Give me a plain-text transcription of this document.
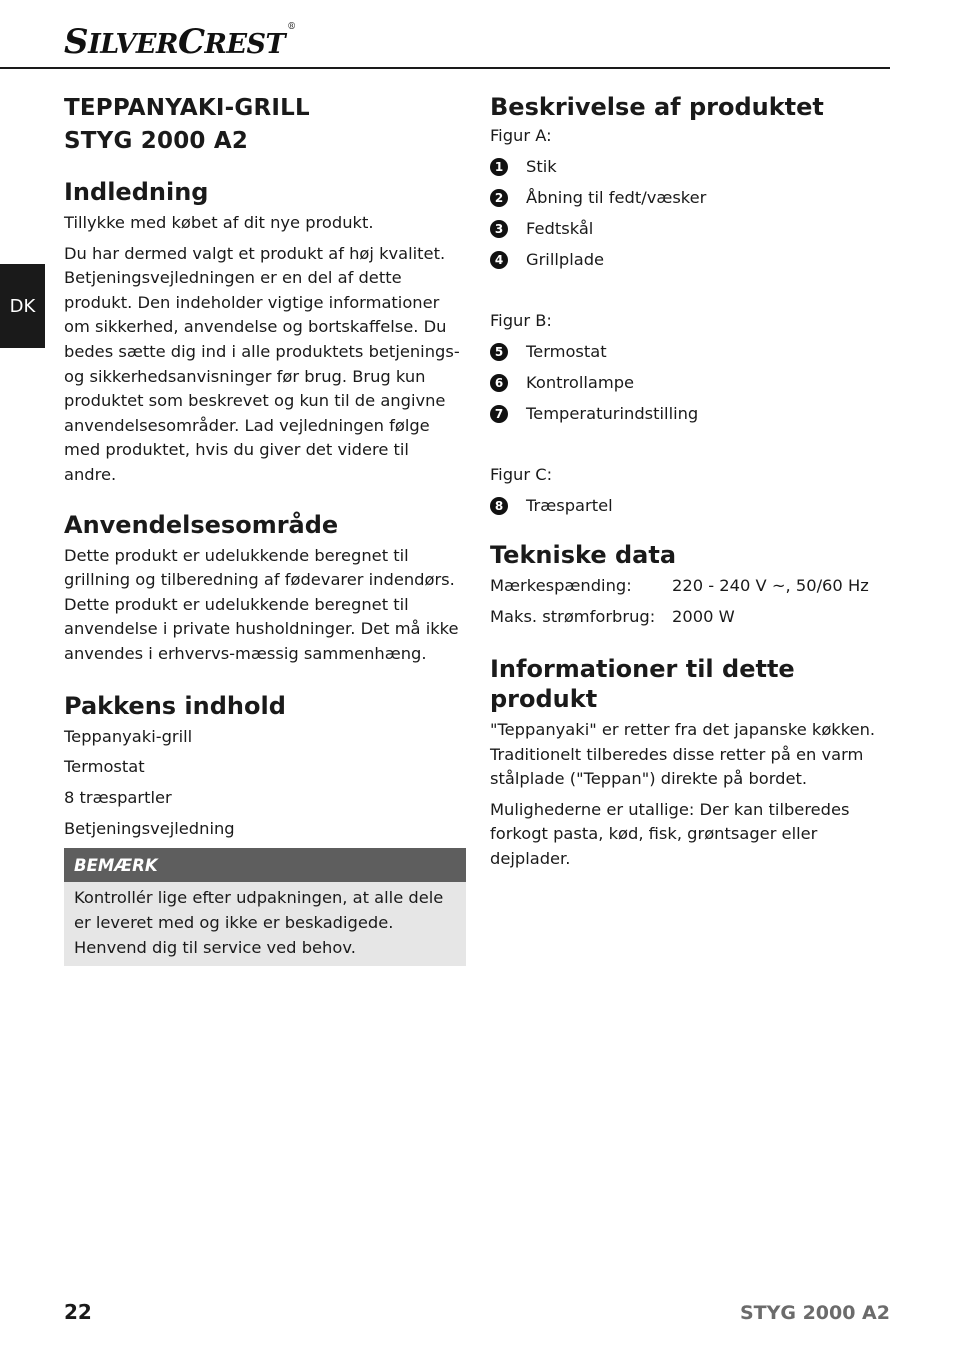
SILVERCREST®
DK
TEPPANYAKI-GRILL
STYG 2000 A2
Indledning
Tillykke med købet af dit nye produkt.
Du har dermed valgt et produkt af høj kvalitet. Betjeningsvejledningen er en del af dette produkt. Den indeholder vigtige informationer om sikkerhed, anvendelse og bortskaffelse. Du bedes sætte dig ind i alle produktets betjenings- og sikkerhedsanvisninger før brug. Brug kun produktet som beskrevet og kun til de angivne anvendelsesområder. Lad vejledningen følge med produktet, hvis du giver det videre til andre.
Anvendelsesområde
Dette produkt er udelukkende beregnet til grillning og tilberedning af fødevarer indendørs. Dette produkt er udelukkende beregnet til anvendelse i private husholdninger. Det må ikke anvendes i erhvervs-mæssig sammenhæng.
Pakkens indhold
Teppanyaki-grill
Termostat
8 træspartler
Betjeningsvejledning
BEMÆRK
Kontrollér lige efter udpakningen, at alle dele er leveret med og ikke er beskadigede. Henvend dig til service ved behov.
Beskrivelse af produktet
Figur A:
1 Stik
2 Åbning til fedt/væsker
3 Fedtskål
4 Grillplade
Figur B:
5 Termostat
6 Kontrollampe
7 Temperaturindstilling
Figur C:
8 Træspartel
Tekniske data
Mærkespænding:	220 - 240 V ~, 50/60 Hz
Maks. strømforbrug:	2000 W
Informationer til dette produkt
"Teppanyaki" er retter fra det japanske køkken. Traditionelt tilberedes disse retter på en varm stålplade ("Teppan") direkte på bordet.
Mulighederne er utallige: Der kan tilberedes forkogt pasta, kød, fisk, grøntsager eller dejplader.
22	STYG 2000 A2
